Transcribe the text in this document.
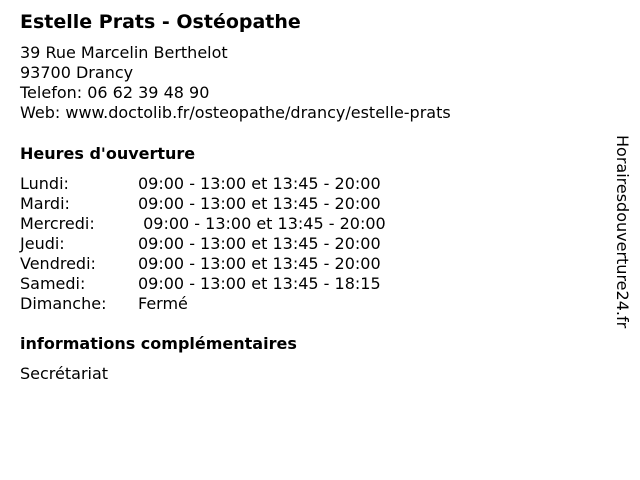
Estelle Prats - Ostéopathe
39 Rue Marcelin Berthelot
93700 Drancy
Telefon: 06 62 39 48 90
Web: www.doctolib.fr/osteopathe/drancy/estelle-prats
Heures d'ouverture
Lundi:	09:00 - 13:00 et 13:45 - 20:00
Mardi:	09:00 - 13:00 et 13:45 - 20:00
Mercredi:	09:00 - 13:00 et 13:45 - 20:00
Jeudi:	09:00 - 13:00 et 13:45 - 20:00
Vendredi:	09:00 - 13:00 et 13:45 - 20:00
Samedi:	09:00 - 13:00 et 13:45 - 18:15
Dimanche: Fermé
informations complémentaires
Secrétariat
Horairesdouverture24.fr
